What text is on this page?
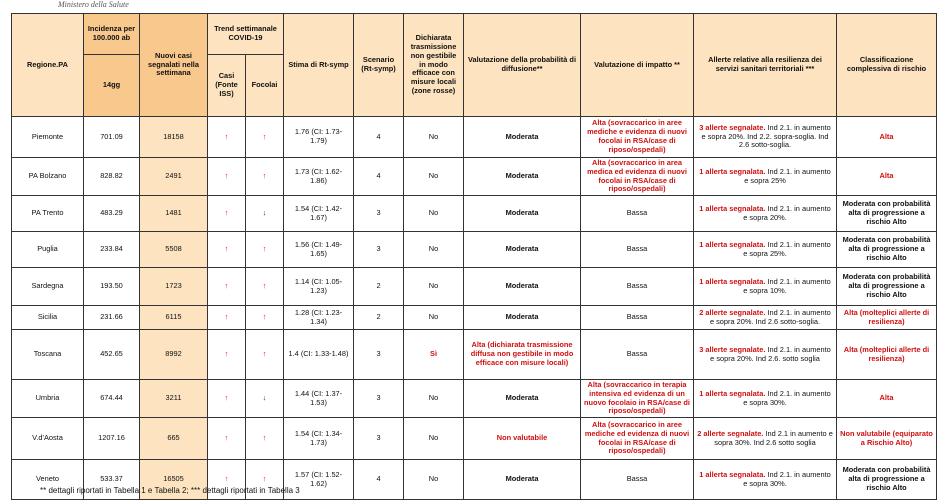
Ministero della Salute
Regione.PA	Incidenza per 100.000 ab	Nuovi casi segnalati nella settimana	Trend settimanale COVID-19		Stima di Rt-symp	Scenario (Rt-symp)	Dichiarata trasmissione non gestibile in modo efficace con misure locali (zone rosse)	Valutazione della probabilità di diffusione**	Valutazione di impatto **	Allerte relative alla resilienza dei servizi sanitari territoriali ***	Classificazione complessiva di rischio
	14gg		Casi (Fonte ISS)	Focolai							
Piemonte	701.09	18158	↑	↑	1.76 (CI: 1.73-1.79)	4	No	Moderata	Alta (sovraccarico in aree mediche e evidenza di nuovi focolai in RSA/case di riposo/ospedali)	3 allerte segnalate. Ind 2.1. in aumento e sopra 20%. Ind 2.2. sopra-soglia. Ind 2.6 sotto-soglia.	Alta
PA Bolzano	828.82	2491	↑	↑	1.73 (CI: 1.62-1.86)	4	No	Moderata	Alta (sovraccarico in area medica ed evidenza di nuovi focolai in RSA/case di riposo/ospedali)	1 allerta segnalata. Ind 2.1. in aumento e sopra 25%	Alta
PA Trento	483.29	1481	↑	↓	1.54 (CI: 1.42-1.67)	3	No	Moderata	Bassa	1 allerta segnalata. Ind 2.1. in aumento e sopra 20%.	Moderata con probabilità alta di progressione a rischio Alto
Puglia	233.84	5508	↑	↑	1.56 (CI: 1.49-1.65)	3	No	Moderata	Bassa	1 allerta segnalata. Ind 2.1. in aumento e sopra 25%.	Moderata con probabilità alta di progressione a rischio Alto
Sardegna	193.50	1723	↑	↑	1.14 (CI: 1.05-1.23)	2	No	Moderata	Bassa	1 allerta segnalata. Ind 2.1. in aumento e sopra 10%.	Moderata con probabilità alta di progressione a rischio Alto
Sicilia	231.66	6115	↑	↑	1.28 (CI: 1.23-1.34)	2	No	Moderata	Bassa	2 allerte segnalate. Ind 2.1. in aumento e sopra 20%. Ind 2.6 sotto-soglia.	Alta (molteplici allerte di resilienza)
Toscana	452.65	8992	↑	↑	1.4 (CI: 1.33-1.48)	3	Sì	Alta (dichiarata trasmissione diffusa non gestibile in modo efficace con misure locali)	Bassa	3 allerte segnalate. Ind 2.1. in aumento e sopra 20%. Ind 2.6. sotto soglia	Alta (molteplici allerte di resilienza)
Umbria	674.44	3211	↑	↓	1.44 (CI: 1.37-1.53)	3	No	Moderata	Alta (sovraccarico in terapia intensiva ed evidenza di un nuovo focolaio in RSA/case di riposo/ospedali)	1 allerta segnalata. Ind 2.1. in aumento e sopra 30%.	Alta
V.d'Aosta	1207.16	665	↑	↑	1.54 (CI: 1.34-1.73)	3	No	Non valutabile	Alta (sovraccarico in aree mediche ed evidenza di nuovi focolai in RSA/case di riposo/ospedali)	2 allerte segnalate. Ind 2.1 in aumento e sopra 30%. Ind 2.6 sotto soglia	Non valutabile (equiparato a Rischio Alto)
Veneto	533.37	16505	↑	↑	1.57 (CI: 1.52-1.62)	4	No	Moderata	Bassa	1 allerta segnalata. Ind 2.1. in aumento e sopra 30%.	Moderata con probabilità alta di progressione a rischio Alto
** dettagli riportati in Tabella 1 e Tabella 2; *** dettagli riportati in Tabella 3
